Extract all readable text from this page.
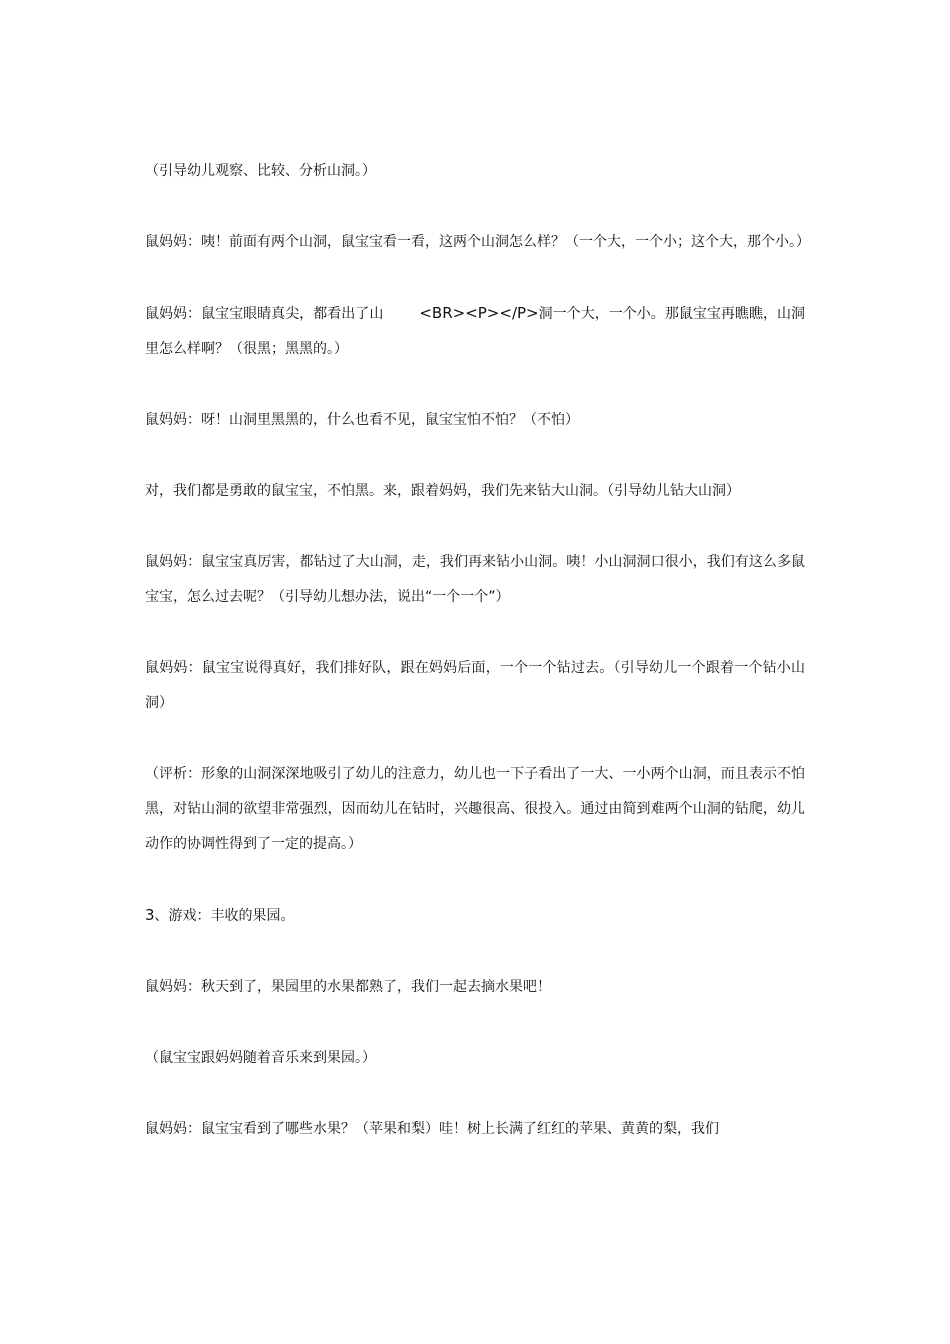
（引导幼儿观察、比较、分析山洞。）

鼠妈妈：咦！前面有两个山洞，鼠宝宝看一看，这两个山洞怎么样？（一个大，一个小；这个大，那个小。）

鼠妈妈：鼠宝宝眼睛真尖，都看出了山 <BR><P></P>洞一个大，一个小。那鼠宝宝再瞧瞧，山洞里怎么样啊？（很黑；黑黑的。）

鼠妈妈：呀！山洞里黑黑的，什么也看不见，鼠宝宝怕不怕？（不怕）

对，我们都是勇敢的鼠宝宝，不怕黑。来，跟着妈妈，我们先来钻大山洞。（引导幼儿钻大山洞）

鼠妈妈：鼠宝宝真厉害，都钻过了大山洞，走，我们再来钻小山洞。咦！小山洞洞口很小，我们有这么多鼠宝宝，怎么过去呢？（引导幼儿想办法，说出“一个一个”）

鼠妈妈：鼠宝宝说得真好，我们排好队，跟在妈妈后面，一个一个钻过去。（引导幼儿一个跟着一个钻小山洞）

（评析：形象的山洞深深地吸引了幼儿的注意力，幼儿也一下子看出了一大、一小两个山洞，而且表示不怕黑，对钻山洞的欲望非常强烈，因而幼儿在钻时，兴趣很高、很投入。通过由简到难两个山洞的钻爬，幼儿动作的协调性得到了一定的提高。）

3、游戏：丰收的果园。

鼠妈妈：秋天到了，果园里的水果都熟了，我们一起去摘水果吧！

（鼠宝宝跟妈妈随着音乐来到果园。）

鼠妈妈：鼠宝宝看到了哪些水果？（苹果和梨）哇！树上长满了红红的苹果、黄黄的梨，我们
